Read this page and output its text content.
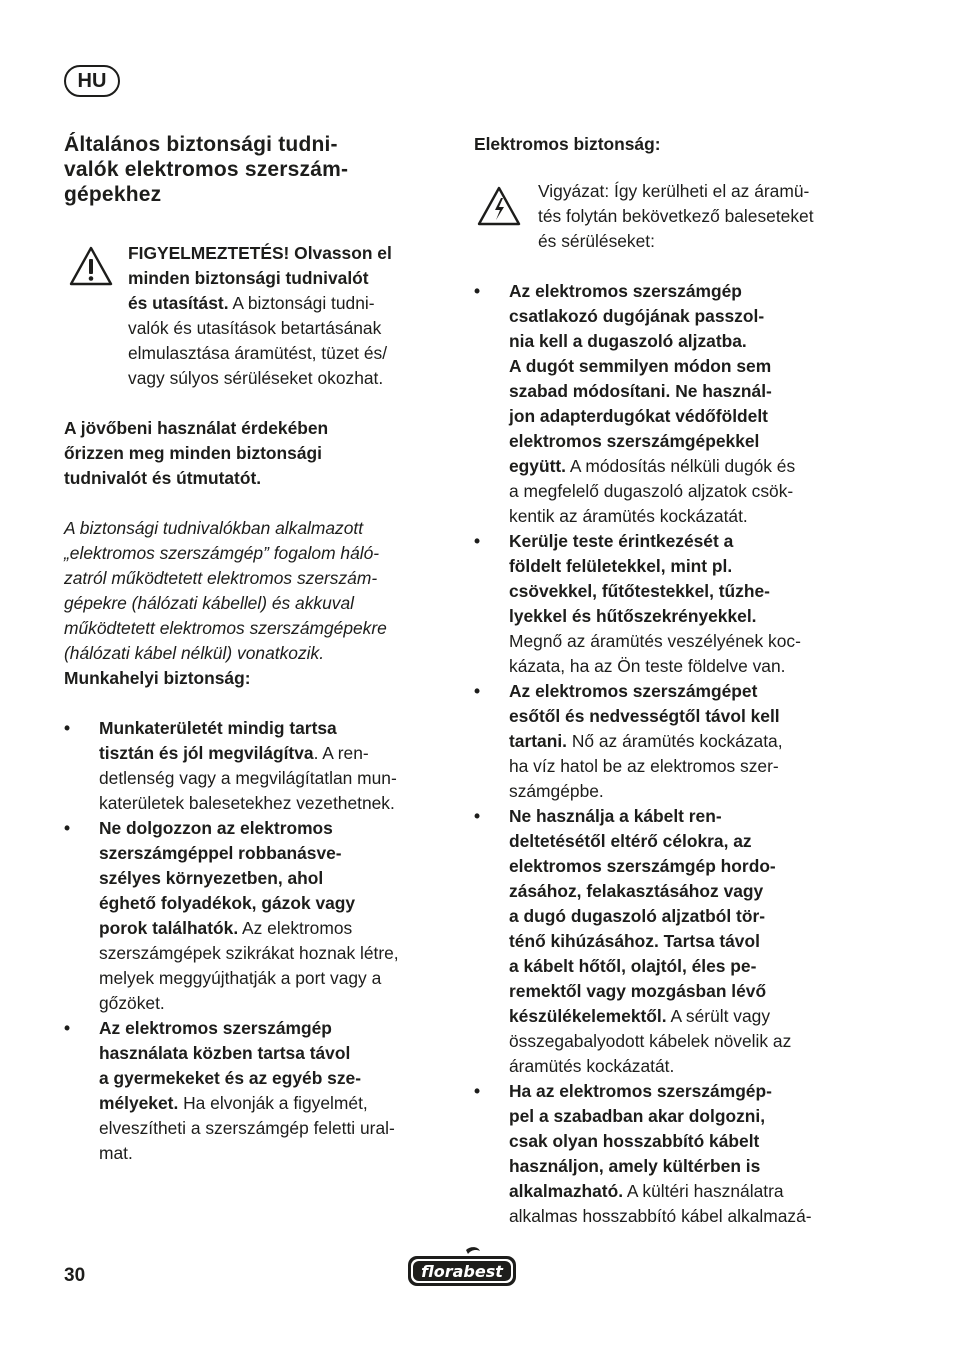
HU
Általános biztonsági tudni-
valók elektromos szerszám-
gépekhez
FIGYELMEZTETÉS! Olvasson el
minden biztonsági tudnivalót
és utasítást. A biztonsági tudni-
valók és utasítások betartásának
elmulasztása áramütést, tüzet és/
vagy súlyos sérüléseket okozhat.
A jövőbeni használat érdekében
őrizzen meg minden biztonsági
tudnivalót és útmutatót.
A biztonsági tudnivalókban alkalmazott
„elektromos szerszámgép” fogalom háló-
zatról működtetett elektromos szerszám-
gépekre (hálózati kábellel) és akkuval
működtetett elektromos szerszámgépekre
(hálózati kábel nélkül) vonatkozik.
Munkahelyi biztonság:
• Munkaterületét mindig tartsa
tisztán és jól megvilágítva. A ren-
detlenség vagy a megvilágítatlan mun-
katerületek balesetekhez vezethetnek.
• Ne dolgozzon az elektromos
szerszámgéppel robbanásve-
szélyes környezetben, ahol
éghető folyadékok, gázok vagy
porok találhatók. Az elektromos
szerszámgépek szikrákat hoznak létre,
melyek meggyújthatják a port vagy a
gőzöket.
• Az elektromos szerszámgép
használata közben tartsa távol
a gyermekeket és az egyéb sze-
mélyeket. Ha elvonják a figyelmét,
elveszítheti a szerszámgép feletti ural-
mat.
Elektromos biztonság:
Vigyázat: Így kerülheti el az áramü-
tés folytán bekövetkező baleseteket
és sérüléseket:
• Az elektromos szerszámgép
csatlakozó dugójának passzol-
nia kell a dugaszoló aljzatba.
A dugót semmilyen módon sem
szabad módosítani. Ne használ-
jon adapterdugókat védőföldelt
elektromos szerszámgépekkel
együtt. A módosítás nélküli dugók és
a megfelelő dugaszoló aljzatok csök-
kentik az áramütés kockázatát.
• Kerülje teste érintkezését a
földelt felületekkel, mint pl.
csövekkel, fűtőtestekkel, tűzhe-
lyekkel és hűtőszekrényekkel.
Megnő az áramütés veszélyének koc-
kázata, ha az Ön teste földelve van.
• Az elektromos szerszámgépet
esőtől és nedvességtől távol kell
tartani. Nő az áramütés kockázata,
ha víz hatol be az elektromos szer-
számgépbe.
• Ne használja a kábelt ren-
deltetésétől eltérő célokra, az
elektromos szerszámgép hordo-
zásához, felakasztásához vagy
a dugó dugaszoló aljzatból tör-
ténő kihúzásához. Tartsa távol
a kábelt hőtől, olajtól, éles pe-
remektől vagy mozgásban lévő
készülékelemektől. A sérült vagy
összegabalyodott kábelek növelik az
áramütés kockázatát.
• Ha az elektromos szerszámgép-
pel a szabadban akar dolgozni,
csak olyan hosszabbító kábelt
használjon, amely kültérben is
alkalmazható. A kültéri használatra
alkalmas hosszabbító kábel alkalmazá-
30	florabest
